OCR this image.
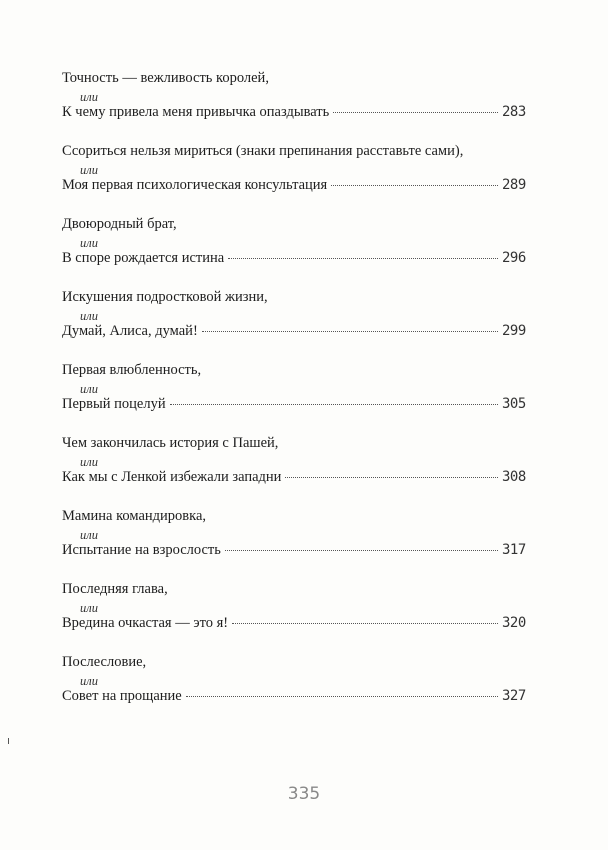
Точность — вежливость королей,
или
К чему привела меня привычка опаздывать	283
Ссориться нельзя мириться (знаки препинания расставьте сами),
или
Моя первая психологическая консультация	289
Двоюродный брат,
или
В споре рождается истина	296
Искушения подростковой жизни,
или
Думай, Алиса, думай!	299
Первая влюбленность,
или
Первый поцелуй	305
Чем закончилась история с Пашей,
или
Как мы с Ленкой избежали западни	308
Мамина командировка,
или
Испытание на взрослость	317
Последняя глава,
или
Вредина очкастая — это я!	320
Послесловие,
или
Совет на прощание	327
335
